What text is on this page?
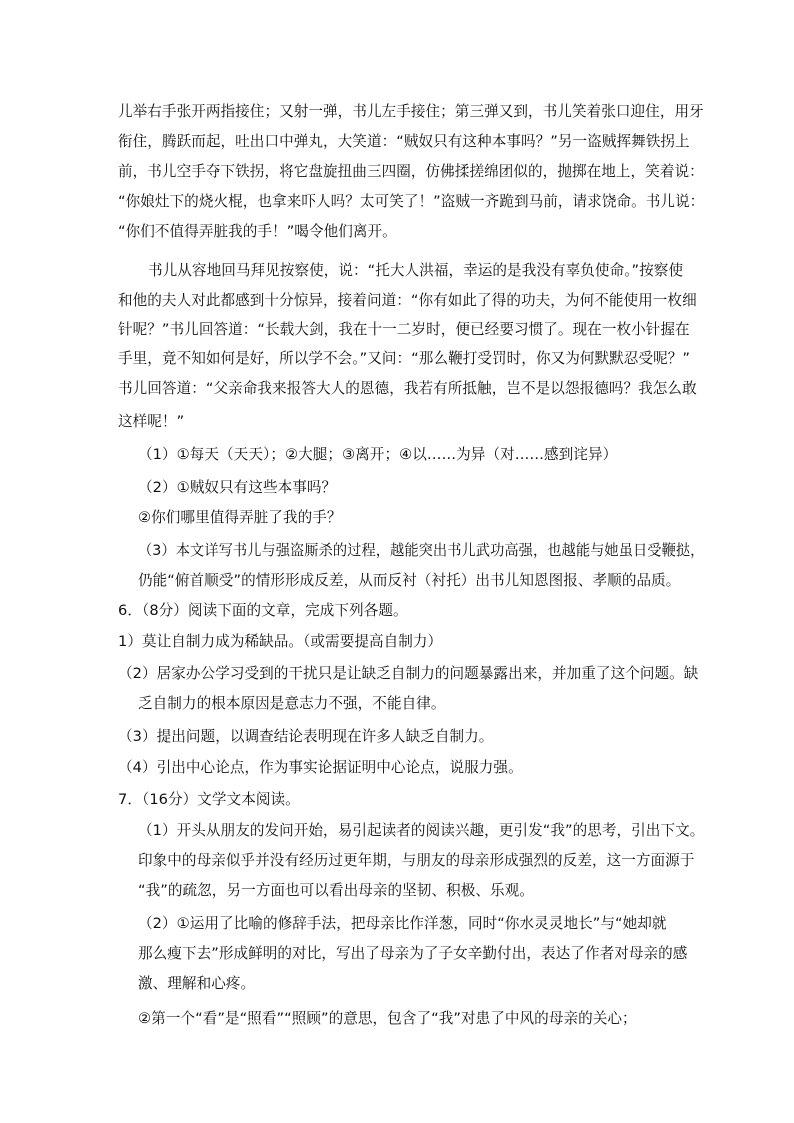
儿举右手张开两指接住；又射一弹，书儿左手接住；第三弹又到，书儿笑着张口迎住，用牙
衔住，腾跃而起，吐出口中弹丸，大笑道：“贼奴只有这种本事吗？”另一盗贼挥舞铁拐上
前，书儿空手夺下铁拐，将它盘旋扭曲三四圈，仿佛揉搓绵团似的，抛掷在地上，笑着说：
“你娘灶下的烧火棍，也拿来吓人吗？太可笑了！”盗贼一齐跪到马前，请求饶命。书儿说：
“你们不值得弄脏我的手！”喝令他们离开。
书儿从容地回马拜见按察使，说：“托大人洪福，幸运的是我没有辜负使命。”按察使
和他的夫人对此都感到十分惊异，接着问道：“你有如此了得的功夫，为何不能使用一枚细
针呢？”书儿回答道：“长载大剑，我在十一二岁时，便已经要习惯了。现在一枚小针握在
手里，竟不知如何是好，所以学不会。”又问：“那么鞭打受罚时，你又为何默默忍受呢？”
书儿回答道：“父亲命我来报答大人的恩德，我若有所抵触，岂不是以怨报德吗？我怎么敢
这样呢！”
（1）①每天（天天）；②大腿；③离开；④以……为异（对……感到诧异）
（2）①贼奴只有这些本事吗？
②你们哪里值得弄脏了我的手？
（3）本文详写书儿与强盗厮杀的过程，越能突出书儿武功高强，也越能与她虽日受鞭挞，
仍能“俯首顺受”的情形形成反差，从而反衬（衬托）出书儿知恩图报、孝顺的品质。
6．（8分）阅读下面的文章，完成下列各题。
1）莫让自制力成为稀缺品。（或需要提高自制力）
（2）居家办公学习受到的干扰只是让缺乏自制力的问题暴露出来，并加重了这个问题。缺
乏自制力的根本原因是意志力不强，不能自律。
（3）提出问题，以调查结论表明现在许多人缺乏自制力。
（4）引出中心论点，作为事实论据证明中心论点，说服力强。
7．（16分）文学文本阅读。
（1）开头从朋友的发问开始，易引起读者的阅读兴趣，更引发“我”的思考，引出下文。
印象中的母亲似乎并没有经历过更年期，与朋友的母亲形成强烈的反差，这一方面源于
“我”的疏忽，另一方面也可以看出母亲的坚韧、积极、乐观。
（2）①运用了比喻的修辞手法，把母亲比作洋葱，同时“你水灵灵地长”与“她却就
那么瘦下去”形成鲜明的对比，写出了母亲为了子女辛勤付出，表达了作者对母亲的感
激、理解和心疼。
②第一个“看”是“照看”“照顾”的意思，包含了“我”对患了中风的母亲的关心；
